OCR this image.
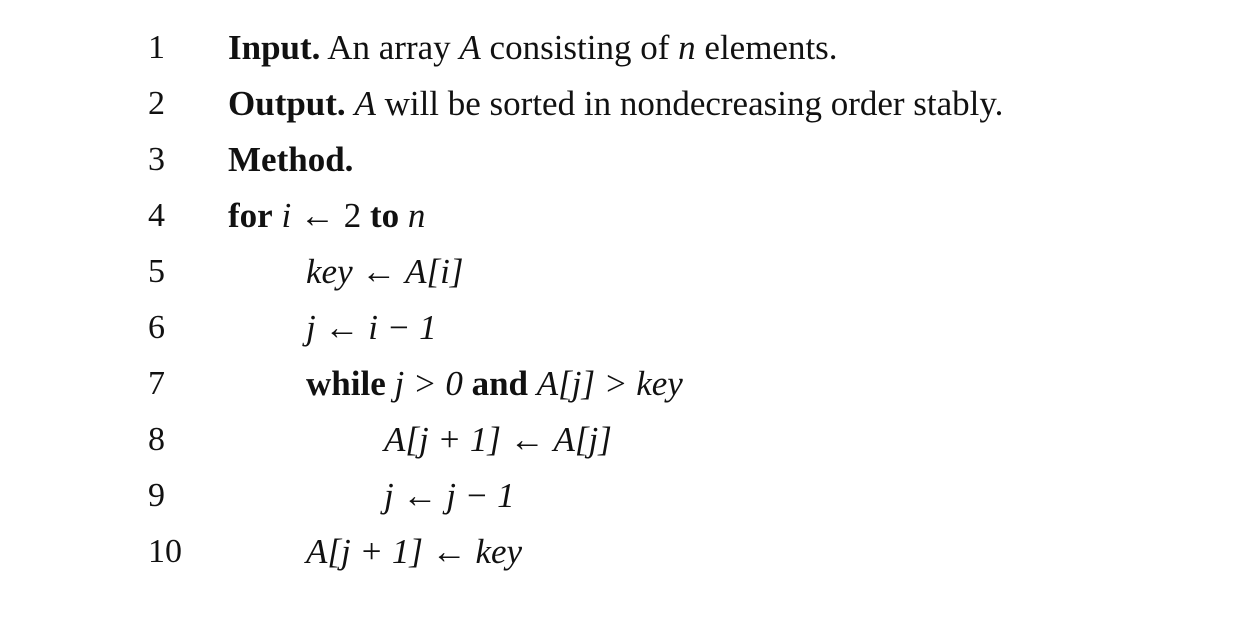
1 Input. An array A consisting of n elements.
2 Output. A will be sorted in nondecreasing order stably.
3 Method.
4 for i ← 2 to n
5	key ← A[i]
6	j ← i − 1
7	while j > 0 and A[j] > key
8	A[j + 1] ← A[j]
9	j ← j − 1
10	A[j + 1] ← key
